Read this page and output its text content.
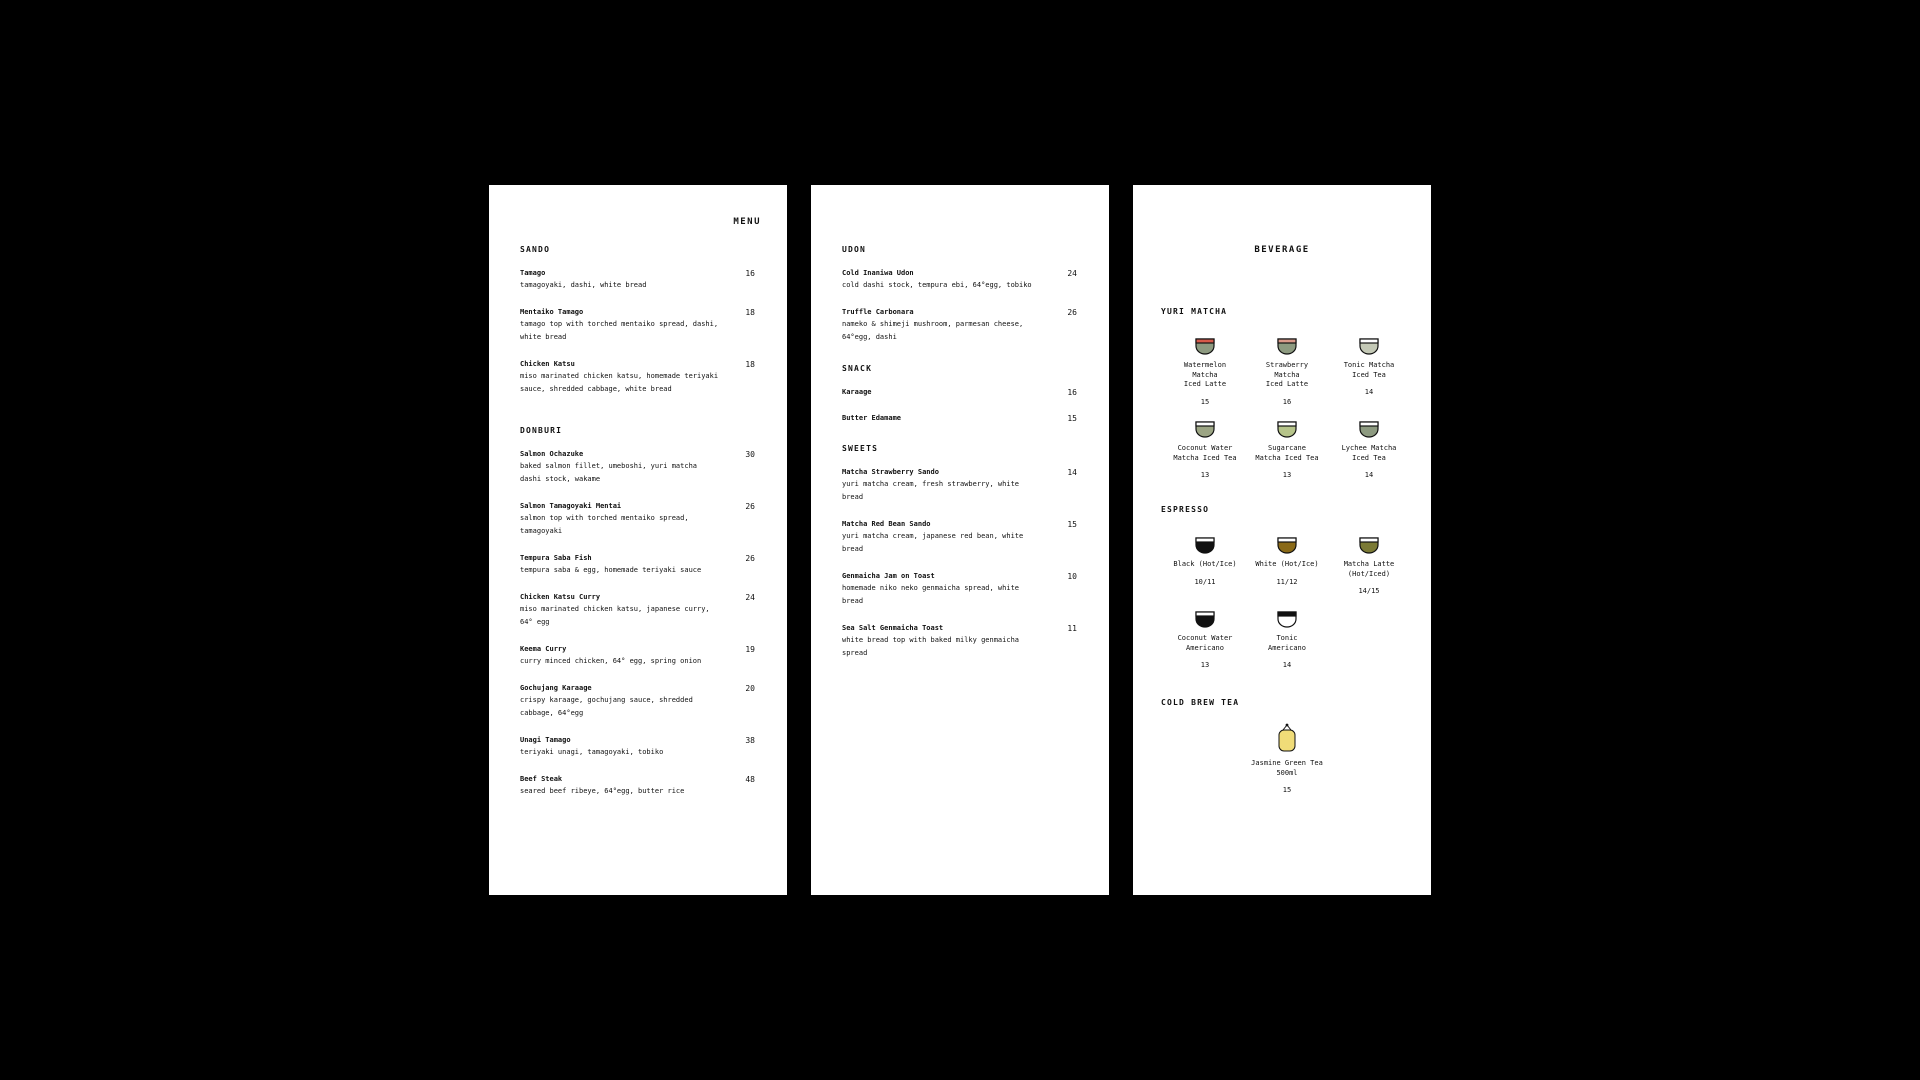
MENU
SANDO
Tamago
tamagoyaki, dashi, white bread
16
Mentaiko Tamago
tamago top with torched mentaiko spread, dashi, white bread
18
Chicken Katsu
miso marinated chicken katsu, homemade teriyaki sauce, shredded cabbage, white bread
18
DONBURI
Salmon Ochazuke
baked salmon fillet, umeboshi, yuri matcha dashi stock, wakame
30
Salmon Tamagoyaki Mentai
salmon top with torched mentaiko spread, tamagoyaki
26
Tempura Saba Fish
tempura saba & egg, homemade teriyaki sauce
26
Chicken Katsu Curry
miso marinated chicken katsu, japanese curry, 64° egg
24
Keema Curry
curry minced chicken, 64° egg, spring onion
19
Gochujang Karaage
crispy karaage, gochujang sauce, shredded cabbage, 64°egg
20
Unagi Tamago
teriyaki unagi, tamagoyaki, tobiko
38
Beef Steak
seared beef ribeye, 64°egg, butter rice
48
UDON
Cold Inaniwa Udon
cold dashi stock, tempura ebi, 64°egg, tobiko
24
Truffle Carbonara
nameko & shimeji mushroom, parmesan cheese, 64°egg, dashi
26
SNACK
Karaage	16
Butter Edamame	15
SWEETS
Matcha Strawberry Sando
yuri matcha cream, fresh strawberry, white bread
14
Matcha Red Bean Sando
yuri matcha cream, japanese red bean, white bread
15
Genmaicha Jam on Toast
homemade niko neko genmaicha spread, white bread
10
Sea Salt Genmaicha Toast
white bread top with baked milky genmaicha spread
11
BEVERAGE
YURI MATCHA
Watermelon
Matcha
Iced Latte
15
Strawberry
Matcha
Iced Latte
16
Tonic Matcha
Iced Tea
14
Coconut Water
Matcha Iced Tea
13
Sugarcane
Matcha Iced Tea
13
Lychee Matcha
Iced Tea
14
ESPRESSO
Black (Hot/Ice)
10/11
White (Hot/Ice)
11/12
Matcha Latte
(Hot/Iced)
14/15
Coconut Water
Americano
13
Tonic
Americano
14
COLD BREW TEA
Jasmine Green Tea
500ml
15
